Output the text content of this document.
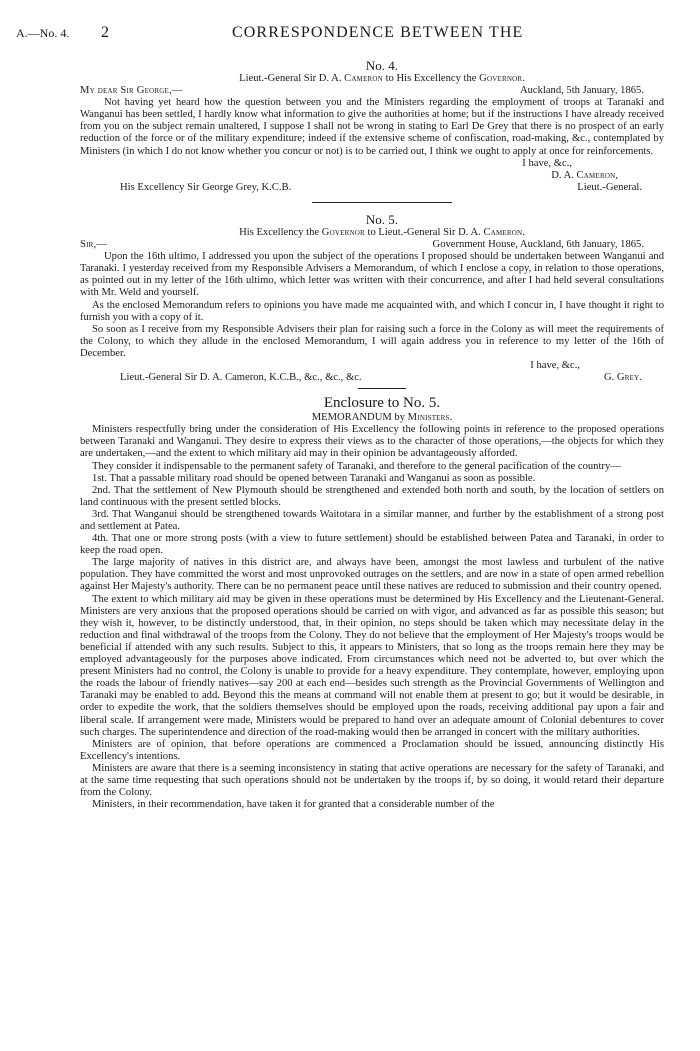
A.—No. 4. 2	CORRESPONDENCE BETWEEN THE
No. 4.
Lieut.-General Sir D. A. Cameron to His Excellency the Governor.
My dear Sir George,—	Auckland, 5th January, 1865.
Not having yet heard how the question between you and the Ministers regarding the employment of troops at Taranaki and Wanganui has been settled, I hardly know what information to give the authorities at home; but if the instructions I have already received from you on the subject remain unaltered, I suppose I shall not be wrong in stating to Earl De Grey that there is no prospect of an early reduction of the force or of the military expenditure; indeed if the extensive scheme of confiscation, road-making, &c., contemplated by Ministers (in which I do not know whether you concur or not) is to be carried out, I think we ought to apply at once for reinforcements.
I have, &c.,
D. A. Cameron,
His Excellency Sir George Grey, K.C.B.	Lieut.-General.
No. 5.
His Excellency the Governor to Lieut.-General Sir D. A. Cameron.
Sir,—	Government House, Auckland, 6th January, 1865.
Upon the 16th ultimo, I addressed you upon the subject of the operations I proposed should be undertaken between Wanganui and Taranaki. I yesterday received from my Responsible Advisers a Memorandum, of which I enclose a copy, in relation to those operations, as pointed out in my letter of the 16th ultimo, which letter was written with their concurrence, and after I had held several consultations with Mr. Weld and yourself.
As the enclosed Memorandum refers to opinions you have made me acquainted with, and which I concur in, I have thought it right to furnish you with a copy of it.
So soon as I receive from my Responsible Advisers their plan for raising such a force in the Colony as will meet the requirements of the Colony, to which they allude in the enclosed Memorandum, I will again address you in reference to my letter of the 16th of December.
I have, &c.,
Lieut.-General Sir D. A. Cameron, K.C.B., &c., &c., &c.	G. Grey.
Enclosure to No. 5.
MEMORANDUM by Ministers.
Ministers respectfully bring under the consideration of His Excellency the following points in reference to the proposed operations between Taranaki and Wanganui. They desire to express their views as to the character of those operations,—the objects for which they are undertaken,—and the extent to which military aid may in their opinion be advantageously afforded.
They consider it indispensable to the permanent safety of Taranaki, and therefore to the general pacification of the country—
1st. That a passable military road should be opened between Taranaki and Wanganui as soon as possible.
2nd. That the settlement of New Plymouth should be strengthened and extended both north and south, by the location of settlers on land continuous with the present settled blocks.
3rd. That Wanganui should be strengthened towards Waitotara in a similar manner, and further by the establishment of a strong post and settlement at Patea.
4th. That one or more strong posts (with a view to future settlement) should be established between Patea and Taranaki, in order to keep the road open.
The large majority of natives in this district are, and always have been, amongst the most lawless and turbulent of the native population. They have committed the worst and most unprovoked outrages on the settlers, and are now in a state of open armed rebellion against Her Majesty's authority. There can be no permanent peace until these natives are reduced to submission and their country opened.
The extent to which military aid may be given in these operations must be determined by His Excellency and the Lieutenant-General. Ministers are very anxious that the proposed operations should be carried on with vigor, and advanced as far as possible this season; but they wish it, however, to be distinctly understood, that, in their opinion, no steps should be taken which may necessitate delay in the reduction and final withdrawal of the troops from the Colony. They do not believe that the employment of Her Majesty's troops would be beneficial if attended with any such results. Subject to this, it appears to Ministers, that so long as the troops remain here they may be employed advantageously for the purposes above indicated. From circumstances which need not be adverted to, but over which the present Ministers had no control, the Colony is unable to provide for a heavy expenditure. They contemplate, however, employing upon the roads the labour of friendly natives—say 200 at each end—besides such strength as the Provincial Governments of Wellington and Taranaki may be enabled to add. Beyond this the means at command will not enable them at present to go; but it would be desirable, in order to expedite the work, that the soldiers themselves should be employed upon the roads, receiving additional pay upon a fair and liberal scale. If arrangement were made, Ministers would be prepared to hand over an adequate amount of Colonial debentures to cover such charges. The superintendence and direction of the road-making would then be arranged in concert with the military authorities.
Ministers are of opinion, that before operations are commenced a Proclamation should be issued, announcing distinctly His Excellency's intentions.
Ministers are aware that there is a seeming inconsistency in stating that active operations are necessary for the safety of Taranaki, and at the same time requesting that such operations should not be undertaken by the troops if, by so doing, it would retard their departure from the Colony.
Ministers, in their recommendation, have taken it for granted that a considerable number of the
